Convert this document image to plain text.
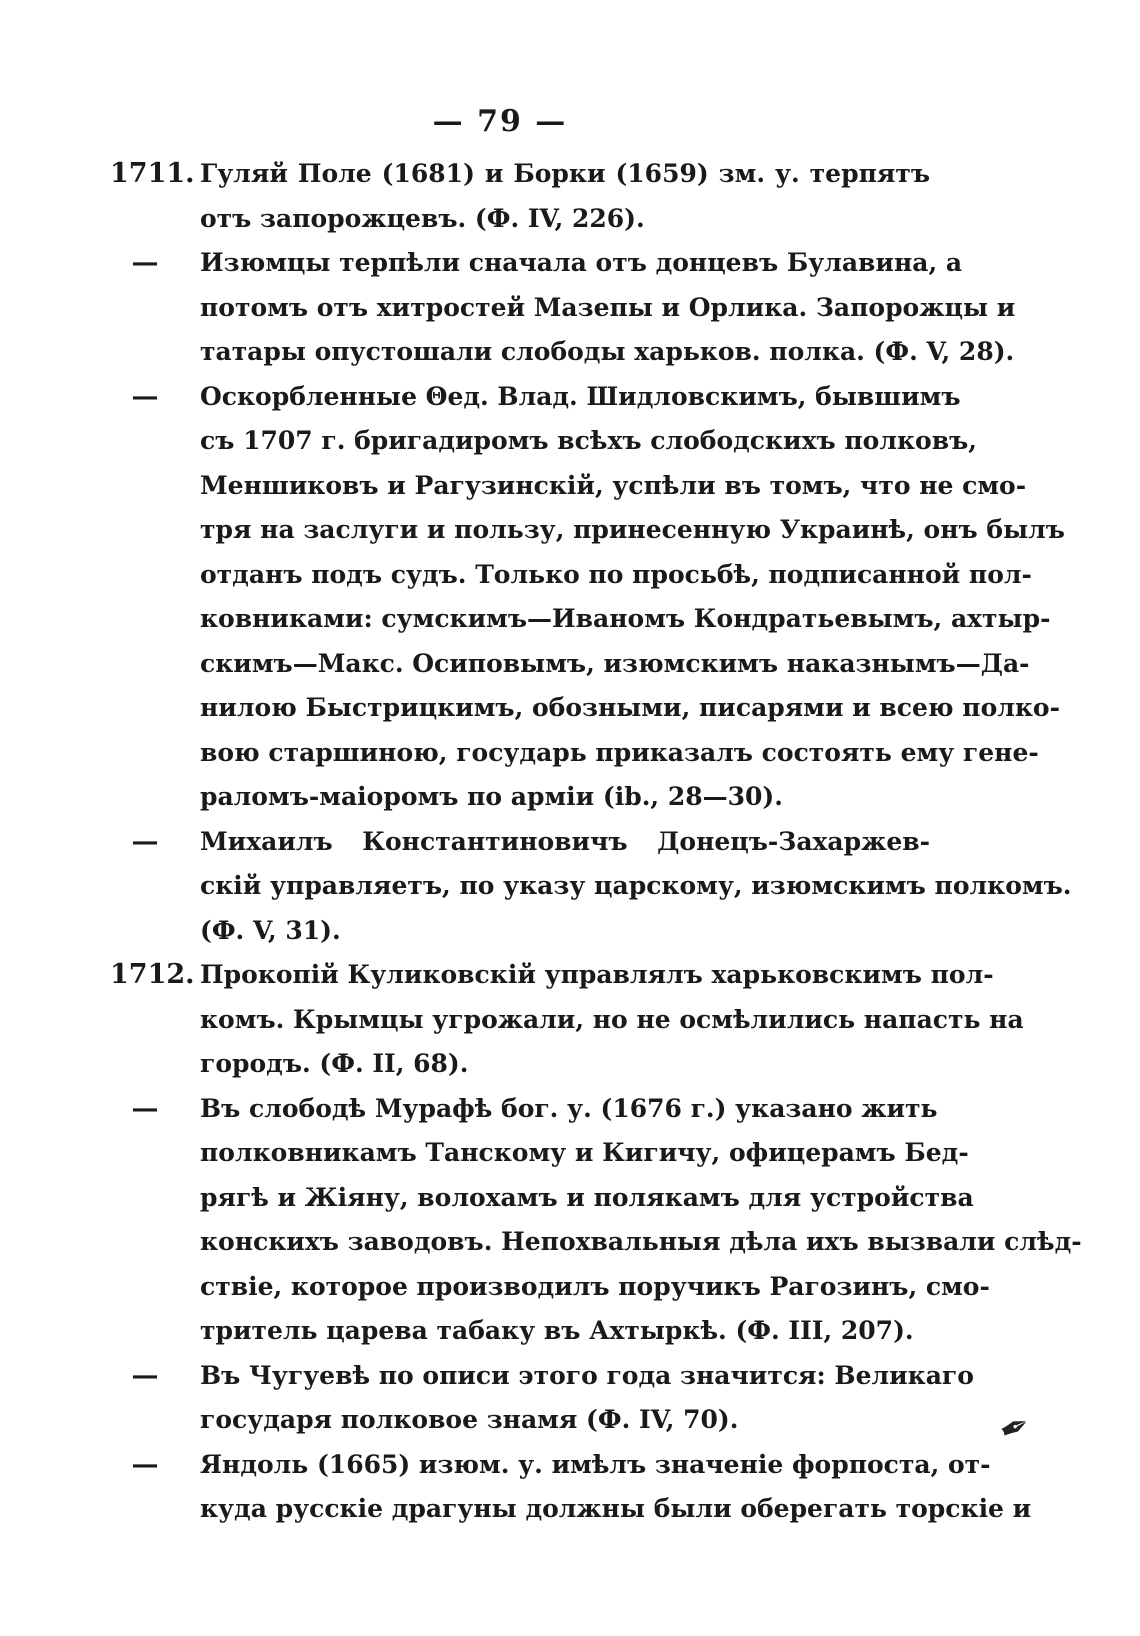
— 79 —
1711. Гуляй Поле (1681) и Борки (1659) зм. у. терпятъ
отъ запорожцевъ. (Ф. IV, 226).
—	Изюмцы терпѣли сначала отъ донцевъ Булавина, а
потомъ отъ хитростей Мазепы и Орлика. Запорожцы и
татары опустошали слободы харьков. полка. (Ф. V, 28).
—	Оскорбленные Θед. Влад. Шидловскимъ, бывшимъ
съ 1707 г. бригадиромъ всѣхъ слободскихъ полковъ,
Меншиковъ и Рагузинскій, успѣли въ томъ, что не смо-
тря на заслуги и пользу, принесенную Украинѣ, онъ былъ
отданъ подъ судъ. Только по просьбѣ, подписанной пол-
ковниками: сумскимъ—Иваномъ Кондратьевымъ, ахтыр-
скимъ—Макс. Осиповымъ, изюмскимъ наказнымъ—Да-
нилою Быстрицкимъ, обозными, писарями и всею полко-
вою старшиною, государь приказалъ состоять ему гене-
раломъ-маіоромъ по арміи (ib., 28—30).
—	Михаилъ Константиновичъ Донецъ-Захаржев-
скій управляетъ, по указу царскому, изюмскимъ полкомъ.
(Ф. V, 31).
1712. Прокопій Куликовскій управлялъ харьковскимъ пол-
комъ. Крымцы угрожали, но не осмѣлились напасть на
городъ. (Ф. II, 68).
—	Въ слободѣ Мурафѣ бог. у. (1676 г.) указано жить
полковникамъ Танскому и Кигичу, офицерамъ Бед-
рягѣ и Жіяну, волохамъ и полякамъ для устройства
конскихъ заводовъ. Непохвальныя дѣла ихъ вызвали слѣд-
ствіе, которое производилъ поручикъ Рагозинъ, смо-
тритель царева табаку въ Ахтыркѣ. (Ф. III, 207).
—	Въ Чугуевѣ по описи этого года значится: Великаго
государя полковое знамя (Ф. IV, 70).
—	Яндоль (1665) изюм. у. имѣлъ значеніе форпоста, от-
куда русскіе драгуны должны были оберегать торскіе и
✒
